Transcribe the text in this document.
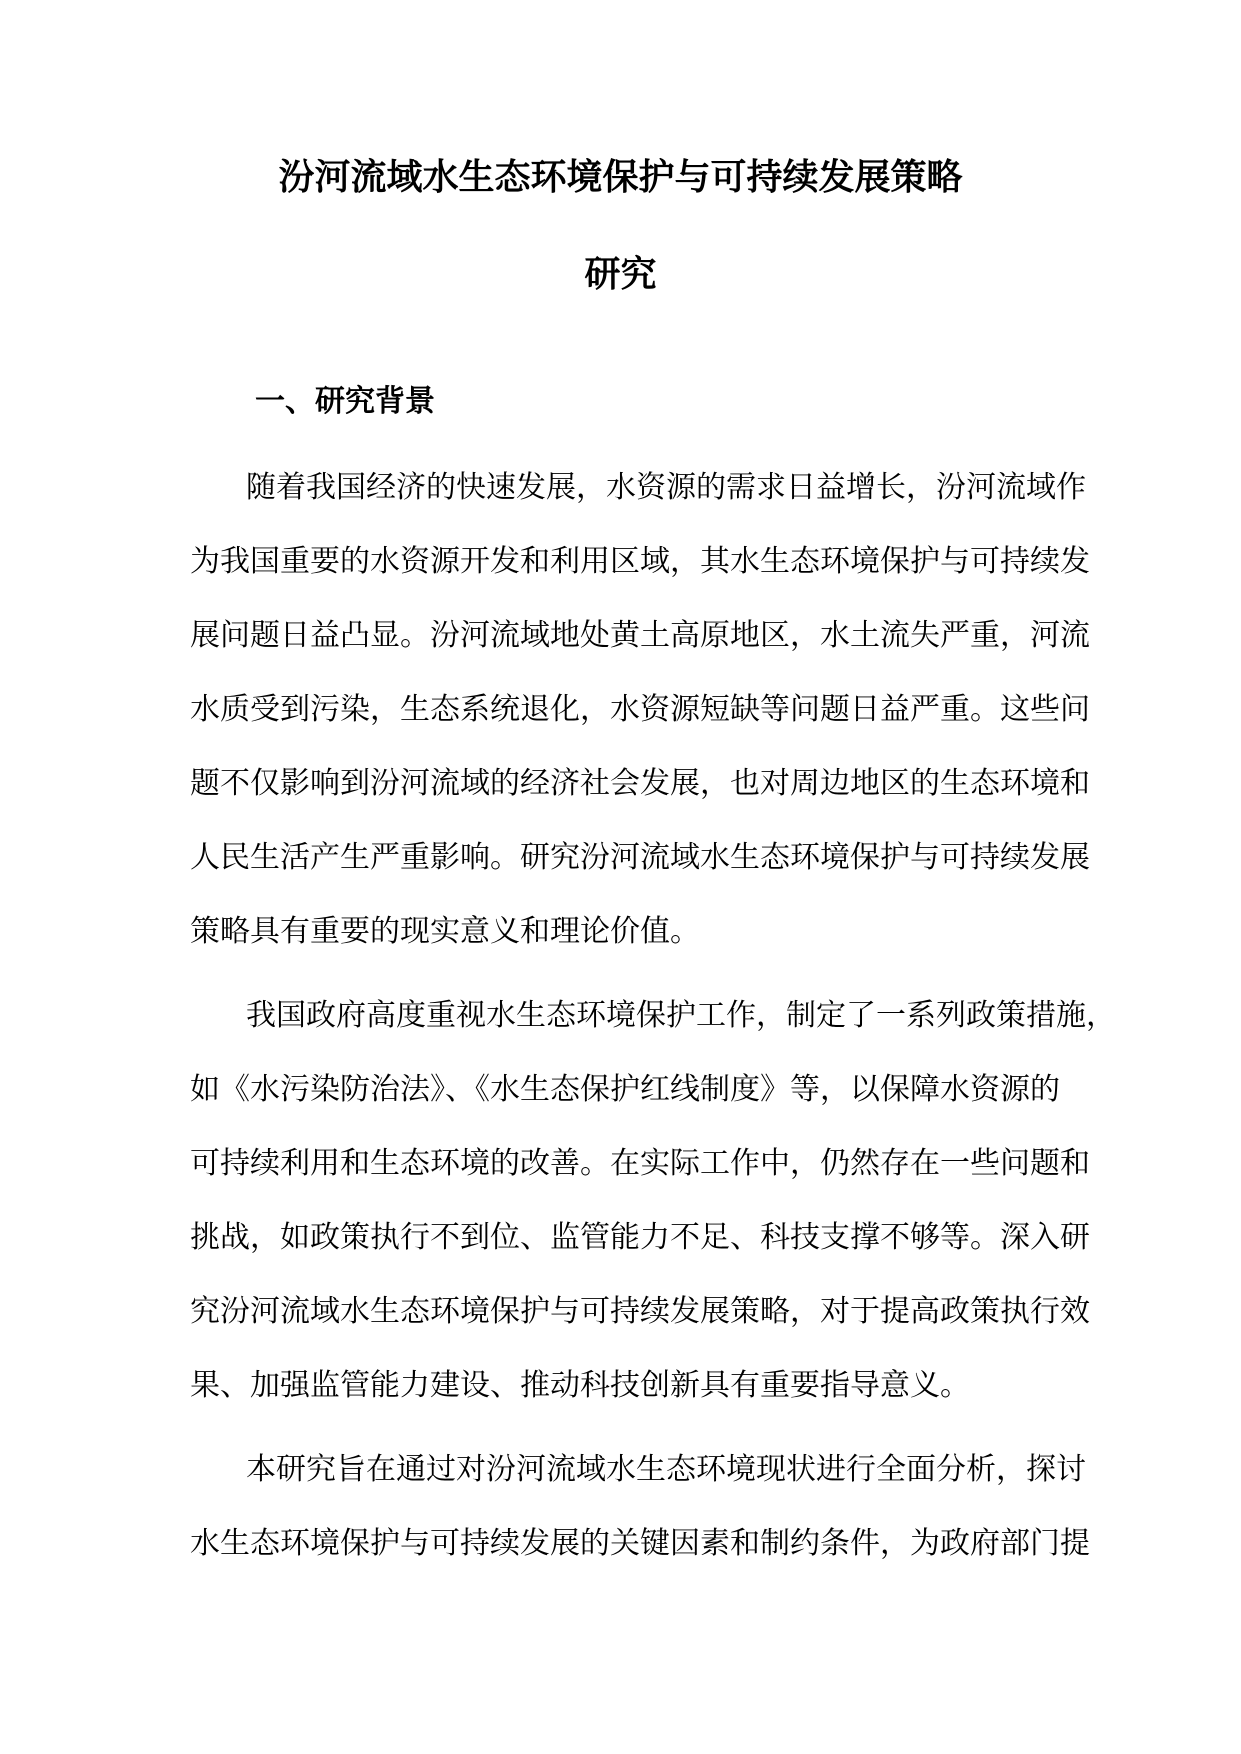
汾河流域水生态环境保护与可持续发展策略
研究
一、研究背景
随着我国经济的快速发展，水资源的需求日益增长，汾河流域作
为我国重要的水资源开发和利用区域，其水生态环境保护与可持续发
展问题日益凸显。汾河流域地处黄土高原地区，水土流失严重，河流
水质受到污染，生态系统退化，水资源短缺等问题日益严重。这些问
题不仅影响到汾河流域的经济社会发展，也对周边地区的生态环境和
人民生活产生严重影响。研究汾河流域水生态环境保护与可持续发展
策略具有重要的现实意义和理论价值。
我国政府高度重视水生态环境保护工作，制定了一系列政策措施，
如《水污染防治法》、《水生态保护红线制度》等，以保障水资源的
可持续利用和生态环境的改善。在实际工作中，仍然存在一些问题和
挑战，如政策执行不到位、监管能力不足、科技支撑不够等。深入研
究汾河流域水生态环境保护与可持续发展策略，对于提高政策执行效
果、加强监管能力建设、推动科技创新具有重要指导意义。
本研究旨在通过对汾河流域水生态环境现状进行全面分析，探讨
水生态环境保护与可持续发展的关键因素和制约条件，为政府部门提
